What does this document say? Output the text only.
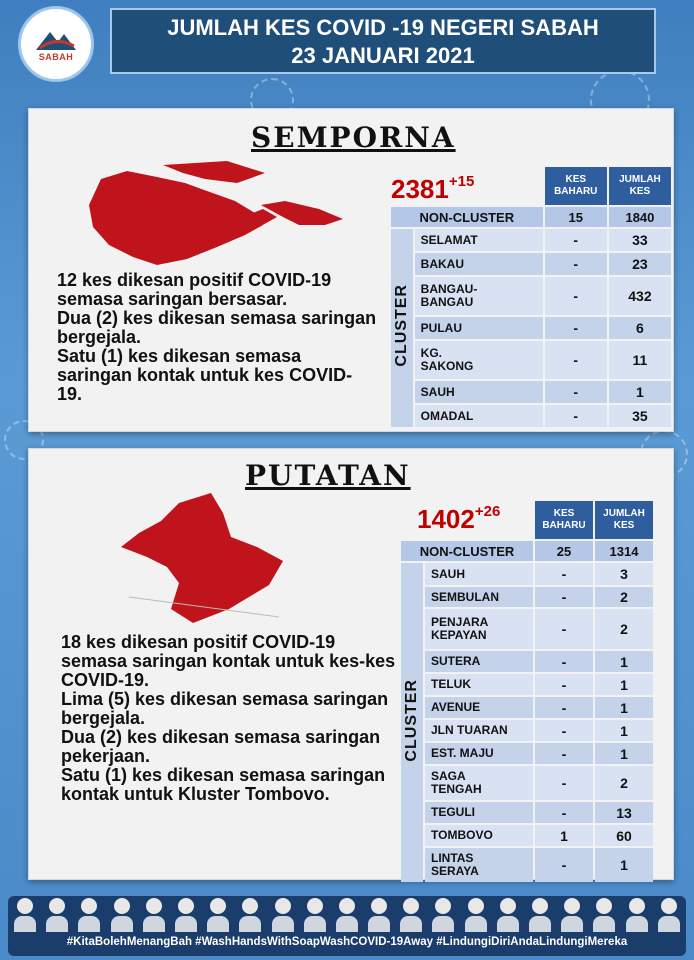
SABAH
JUMLAH KES COVID -19 NEGERI SABAH
23 JANUARI 2021
SEMPORNA

12 kes dikesan positif COVID-19 semasa saringan bersasar.

Dua (2) kes dikesan semasa saringan bergejala.

Satu (1) kes dikesan semasa saringan kontak untuk kes COVID-19.

$2381^{+15}$
		KES
BAHARU	JUMLAH
KES
NON-CLUSTER		15	1840
CLUSTER	SELAMAT	-	33
	BAKAU	-	23
	BANGAU-
BANGAU	-	432
	PULAU	-	6
	KG.
SAKONG	-	11
	SAUH	-	1
	OMADAL	-	35
PUTATAN

18 kes dikesan positif COVID-19 semasa saringan kontak untuk kes-kes COVID-19.

Lima (5) kes dikesan semasa saringan bergejala.

Dua (2) kes dikesan semasa saringan pekerjaan.

Satu (1) kes dikesan semasa saringan kontak untuk Kluster Tombovo.

$1402^{+26}$
		KES
BAHARU	JUMLAH
KES
NON-CLUSTER		25	1314
CLUSTER	SAUH	-	3
	SEMBULAN	-	2
	PENJARA
KEPAYAN	-	2
	SUTERA	-	1
	TELUK	-	1
	AVENUE	-	1
	JLN TUARAN	-	1
	EST. MAJU	-	1
	SAGA
TENGAH	-	2
	TEGULI	-	13
	TOMBOVO	1	60
	LINTAS
SERAYA	-	1
#KitaBolehMenangBah #WashHandsWithSoapWashCOVID-19Away #LindungiDiriAndaLindungiMereka
